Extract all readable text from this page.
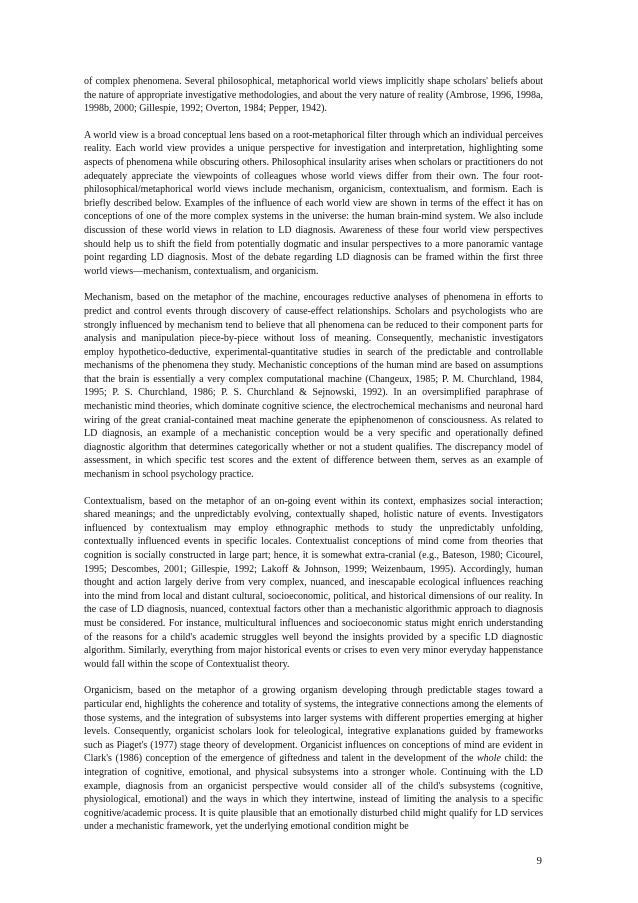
of complex phenomena. Several philosophical, metaphorical world views implicitly shape scholars' beliefs about the nature of appropriate investigative methodologies, and about the very nature of reality (Ambrose, 1996, 1998a, 1998b, 2000; Gillespie, 1992; Overton, 1984; Pepper, 1942).

A world view is a broad conceptual lens based on a root-metaphorical filter through which an individual perceives reality. Each world view provides a unique perspective for investigation and interpretation, highlighting some aspects of phenomena while obscuring others. Philosophical insularity arises when scholars or practitioners do not adequately appreciate the viewpoints of colleagues whose world views differ from their own. The four root-philosophical/metaphorical world views include mechanism, organicism, contextualism, and formism. Each is briefly described below. Examples of the influence of each world view are shown in terms of the effect it has on conceptions of one of the more complex systems in the universe: the human brain-mind system. We also include discussion of these world views in relation to LD diagnosis. Awareness of these four world view perspectives should help us to shift the field from potentially dogmatic and insular perspectives to a more panoramic vantage point regarding LD diagnosis. Most of the debate regarding LD diagnosis can be framed within the first three world views—mechanism, contextualism, and organicism.

Mechanism, based on the metaphor of the machine, encourages reductive analyses of phenomena in efforts to predict and control events through discovery of cause-effect relationships. Scholars and psychologists who are strongly influenced by mechanism tend to believe that all phenomena can be reduced to their component parts for analysis and manipulation piece-by-piece without loss of meaning. Consequently, mechanistic investigators employ hypothetico-deductive, experimental-quantitative studies in search of the predictable and controllable mechanisms of the phenomena they study. Mechanistic conceptions of the human mind are based on assumptions that the brain is essentially a very complex computational machine (Changeux, 1985; P. M. Churchland, 1984, 1995; P. S. Churchland, 1986; P. S. Churchland & Sejnowski, 1992). In an oversimplified paraphrase of mechanistic mind theories, which dominate cognitive science, the electrochemical mechanisms and neuronal hard wiring of the great cranial-contained meat machine generate the epiphenomenon of consciousness. As related to LD diagnosis, an example of a mechanistic conception would be a very specific and operationally defined diagnostic algorithm that determines categorically whether or not a student qualifies. The discrepancy model of assessment, in which specific test scores and the extent of difference between them, serves as an example of mechanism in school psychology practice.

Contextualism, based on the metaphor of an on-going event within its context, emphasizes social interaction; shared meanings; and the unpredictably evolving, contextually shaped, holistic nature of events. Investigators influenced by contextualism may employ ethnographic methods to study the unpredictably unfolding, contextually influenced events in specific locales. Contextualist conceptions of mind come from theories that cognition is socially constructed in large part; hence, it is somewhat extra-cranial (e.g., Bateson, 1980; Cicourel, 1995; Descombes, 2001; Gillespie, 1992; Lakoff & Johnson, 1999; Weizenbaum, 1995). Accordingly, human thought and action largely derive from very complex, nuanced, and inescapable ecological influences reaching into the mind from local and distant cultural, socioeconomic, political, and historical dimensions of our reality. In the case of LD diagnosis, nuanced, contextual factors other than a mechanistic algorithmic approach to diagnosis must be considered. For instance, multicultural influences and socioeconomic status might enrich understanding of the reasons for a child's academic struggles well beyond the insights provided by a specific LD diagnostic algorithm. Similarly, everything from major historical events or crises to even very minor everyday happenstance would fall within the scope of Contextualist theory.

Organicism, based on the metaphor of a growing organism developing through predictable stages toward a particular end, highlights the coherence and totality of systems, the integrative connections among the elements of those systems, and the integration of subsystems into larger systems with different properties emerging at higher levels. Consequently, organicist scholars look for teleological, integrative explanations guided by frameworks such as Piaget's (1977) stage theory of development. Organicist influences on conceptions of mind are evident in Clark's (1986) conception of the emergence of giftedness and talent in the development of the whole child: the integration of cognitive, emotional, and physical subsystems into a stronger whole. Continuing with the LD example, diagnosis from an organicist perspective would consider all of the child's subsystems (cognitive, physiological, emotional) and the ways in which they intertwine, instead of limiting the analysis to a specific cognitive/academic process. It is quite plausible that an emotionally disturbed child might qualify for LD services under a mechanistic framework, yet the underlying emotional condition might be

9
